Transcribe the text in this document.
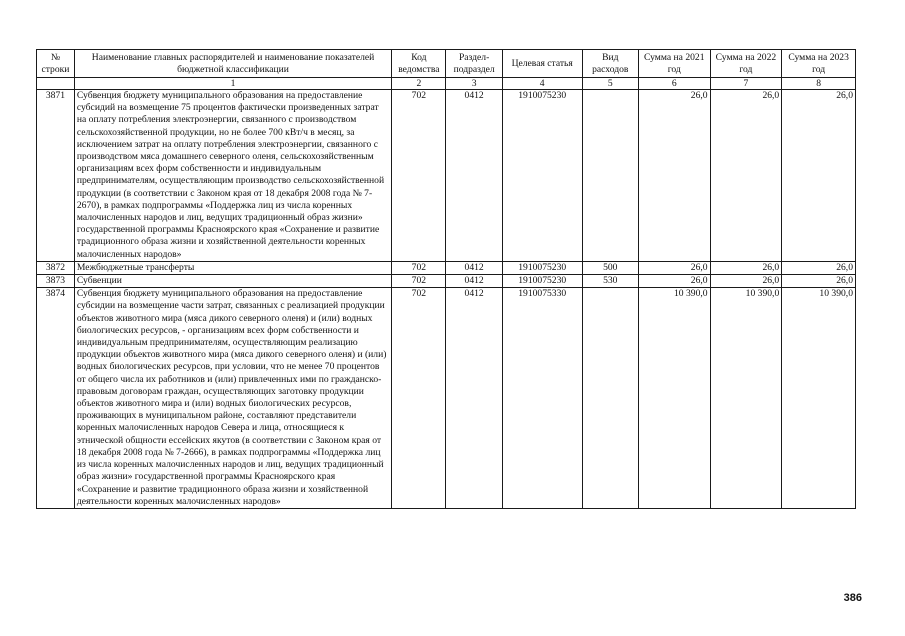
№ строки	Наименование главных распорядителей и наименование показателей бюджетной классификации	Код ведомства	Раздел-подраздел	Целевая статья	Вид расходов	Сумма на 2021 год	Сумма на 2022 год	Сумма на 2023 год
	1	2	3	4	5	6	7	8
3871	Субвенция бюджету муниципального образования на предоставление субсидий на возмещение 75 процентов фактически произведенных затрат на оплату потребления электроэнергии, связанного с производством сельскохозяйственной продукции, но не более 700 кВт/ч в месяц, за исключением затрат на оплату потребления электроэнергии, связанного с производством мяса домашнего северного оленя, сельскохозяйственным организациям всех форм собственности и индивидуальным предпринимателям, осуществляющим производство сельскохозяйственной продукции (в соответствии с Законом края от 18 декабря 2008 года № 7-2670), в рамках подпрограммы «Поддержка лиц из числа коренных малочисленных народов и лиц, ведущих традиционный образ жизни» государственной программы Красноярского края «Сохранение и развитие традиционного образа жизни и хозяйственной деятельности коренных малочисленных народов»	702	0412	1910075230		26,0	26,0	26,0
3872	Межбюджетные трансферты	702	0412	1910075230	500	26,0	26,0	26,0
3873	Субвенции	702	0412	1910075230	530	26,0	26,0	26,0
3874	Субвенция бюджету муниципального образования на предоставление субсидии на возмещение части затрат, связанных с реализацией продукции объектов животного мира (мяса дикого северного оленя) и (или) водных биологических ресурсов, - организациям всех форм собственности и индивидуальным предпринимателям, осуществляющим реализацию продукции объектов животного мира (мяса дикого северного оленя) и (или) водных биологических ресурсов, при условии, что не менее 70 процентов от общего числа их работников и (или) привлеченных ими по гражданско-правовым договорам граждан, осуществляющих заготовку продукции объектов животного мира и (или) водных биологических ресурсов, проживающих в муниципальном районе, составляют представители коренных малочисленных народов Севера и лица, относящиеся к этнической общности ессейских якутов (в соответствии с Законом края от 18 декабря 2008 года № 7-2666), в рамках подпрограммы «Поддержка лиц из числа коренных малочисленных народов и лиц, ведущих традиционный образ жизни» государственной программы Красноярского края «Сохранение и развитие традиционного образа жизни и хозяйственной деятельности коренных малочисленных народов»	702	0412	1910075330		10 390,0	10 390,0	10 390,0
386
